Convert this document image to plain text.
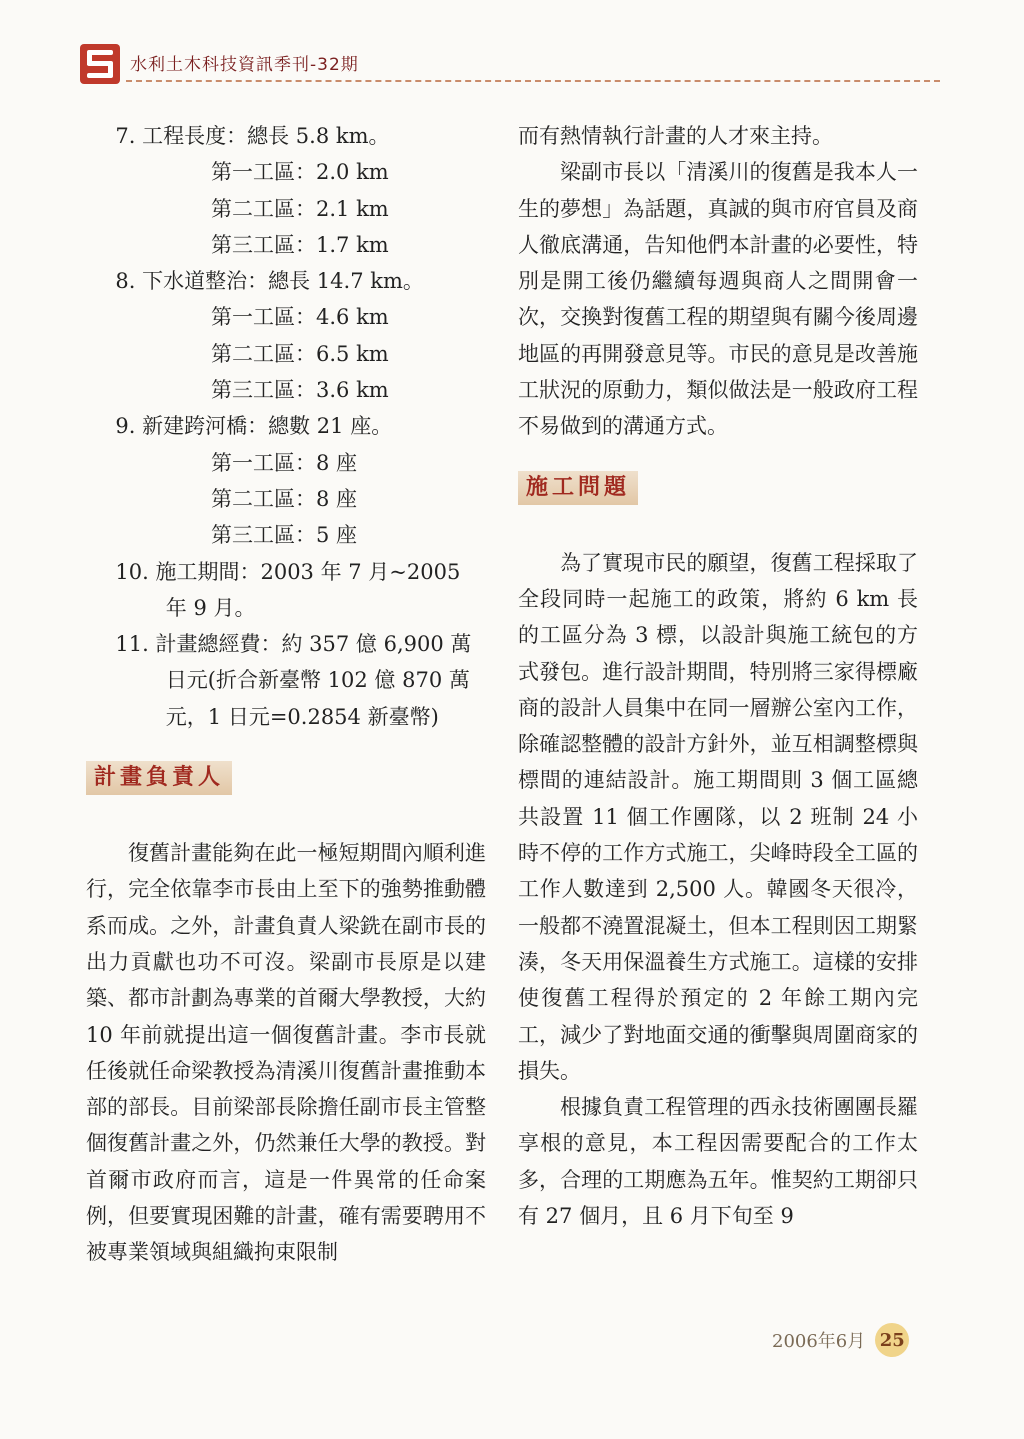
水利土木科技資訊季刊-32期

7. 工程長度：總長 5.8 km。

第一工區：2.0 km

第二工區：2.1 km

第三工區：1.7 km

8. 下水道整治：總長 14.7 km。

第一工區：4.6 km

第二工區：6.5 km

第三工區：3.6 km

9. 新建跨河橋：總數 21 座。

第一工區：8 座

第二工區：8 座

第三工區：5 座

10. 施工期間：2003 年 7 月~2005 年 9 月。

11. 計畫總經費：約 357 億 6,900 萬日元(折合新臺幣 102 億 870 萬元，1 日元=0.2854 新臺幣)

計畫負責人

復舊計畫能夠在此一極短期間內順利進行，完全依靠李市長由上至下的強勢推動體系而成。之外，計畫負責人梁銑在副市長的出力貢獻也功不可沒。梁副市長原是以建築、都市計劃為專業的首爾大學教授，大約 10 年前就提出這一個復舊計畫。李市長就任後就任命梁教授為清溪川復舊計畫推動本部的部長。目前梁部長除擔任副市長主管整個復舊計畫之外，仍然兼任大學的教授。對首爾市政府而言，這是一件異常的任命案例，但要實現困難的計畫，確有需要聘用不被專業領域與組織拘束限制

而有熱情執行計畫的人才來主持。

梁副市長以「清溪川的復舊是我本人一生的夢想」為話題，真誠的與市府官員及商人徹底溝通，告知他們本計畫的必要性，特別是開工後仍繼續每週與商人之間開會一次，交換對復舊工程的期望與有關今後周邊地區的再開發意見等。市民的意見是改善施工狀況的原動力，類似做法是一般政府工程不易做到的溝通方式。

施工問題

為了實現市民的願望，復舊工程採取了全段同時一起施工的政策，將約 6 km 長的工區分為 3 標，以設計與施工統包的方式發包。進行設計期間，特別將三家得標廠商的設計人員集中在同一層辦公室內工作，除確認整體的設計方針外，並互相調整標與標間的連結設計。施工期間則 3 個工區總共設置 11 個工作團隊，以 2 班制 24 小時不停的工作方式施工，尖峰時段全工區的工作人數達到 2,500 人。韓國冬天很冷，一般都不澆置混凝土，但本工程則因工期緊湊，冬天用保溫養生方式施工。這樣的安排使復舊工程得於預定的 2 年餘工期內完工，減少了對地面交通的衝擊與周圍商家的損失。

根據負責工程管理的西永技術團團長羅享根的意見，本工程因需要配合的工作太多，合理的工期應為五年。惟契約工期卻只有 27 個月，且 6 月下旬至 9

2006年6月 25
